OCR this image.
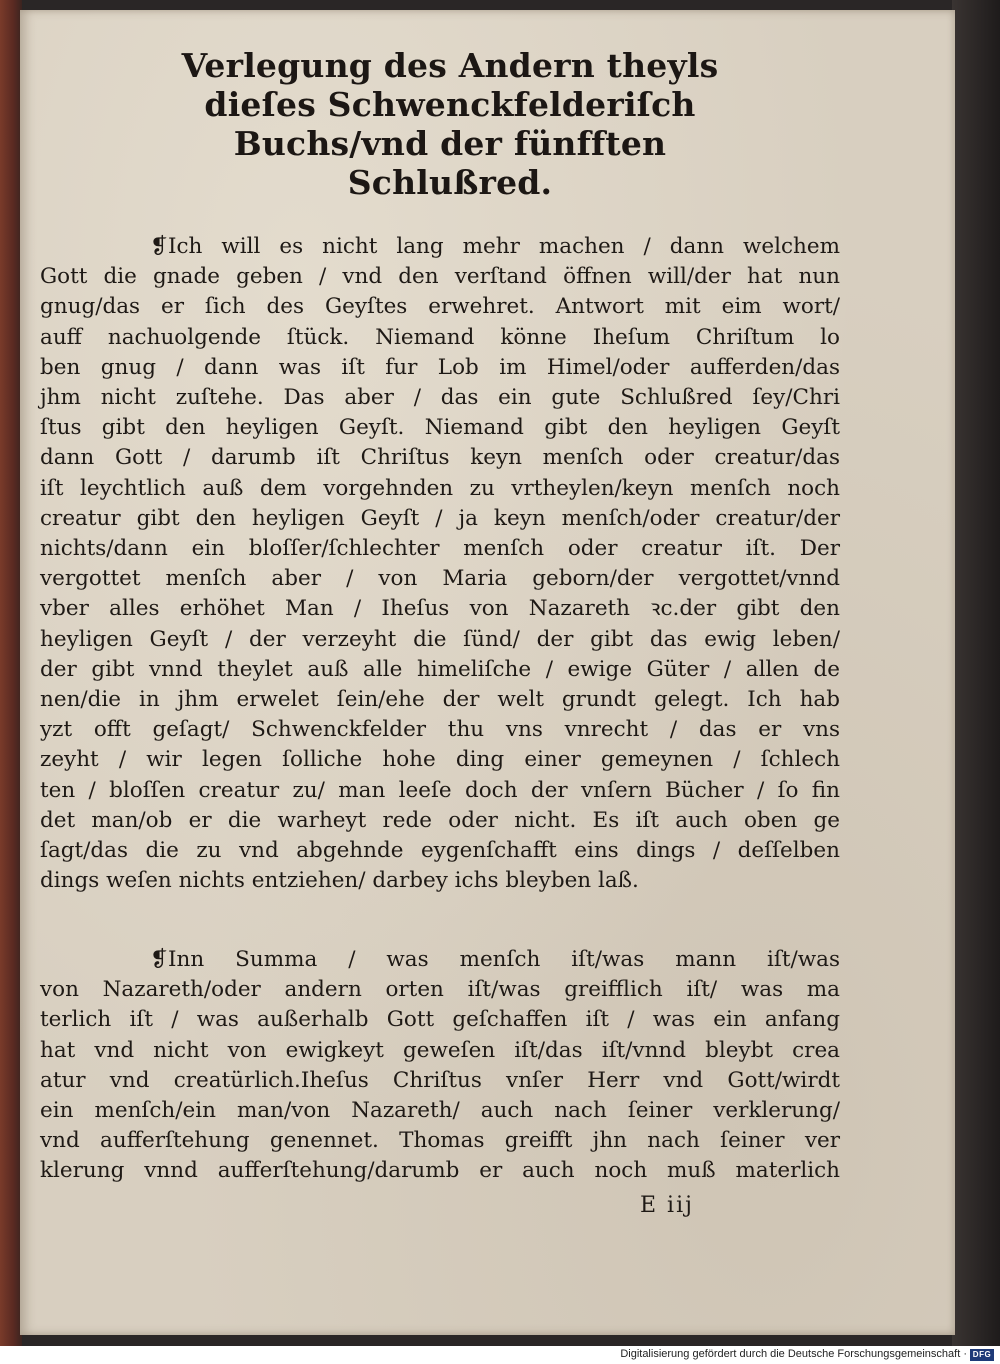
Verlegung des Andern theyls
dieſes Schwenckfelderiſch
Buchs/vnd der fünfften
Schlußred.
❡Ich will es nicht lang mehr machen / dann welchem
Gott die gnade geben / vnd den verſtand öffnen will/der hat nun
gnug/das er ſich des Geyſtes erwehret. Antwort mit eim wort/
auff nachuolgende ſtück. Niemand könne Iheſum Chriſtum lo
ben gnug / dann was iſt fur Lob im Himel/oder aufferden/das
jhm nicht zuſtehe. Das aber / das ein gute Schlußred ſey/Chri
ſtus gibt den heyligen Geyſt. Niemand gibt den heyligen Geyſt
dann Gott / darumb iſt Chriſtus keyn menſch oder creatur/das
iſt leychtlich auß dem vorgehnden zu vrtheylen/keyn menſch noch
creatur gibt den heyligen Geyſt / ja keyn menſch/oder creatur/der
nichts/dann ein bloſſer/ſchlechter menſch oder creatur iſt. Der
vergottet menſch aber / von Maria geborn/der vergottet/vnnd
vber alles erhöhet Man / Iheſus von Nazareth ꝛc.der gibt den
heyligen Geyſt / der verzeyht die ſünd/ der gibt das ewig leben/
der gibt vnnd theylet auß alle himeliſche / ewige Güter / allen de
nen/die in jhm erwelet ſein/ehe der welt grundt gelegt. Ich hab
yzt offt geſagt/ Schwenckfelder thu vns vnrecht / das er vns
zeyht / wir legen ſolliche hohe ding einer gemeynen / ſchlech
ten / bloſſen creatur zu/ man leeſe doch der vnſern Bücher / ſo fin
det man/ob er die warheyt rede oder nicht. Es iſt auch oben ge
ſagt/das die zu vnd abgehnde eygenſchafft eins dings / deſſelben
dings weſen nichts entziehen/ darbey ichs bleyben laß.
❡Inn Summa / was menſch iſt/was mann iſt/was
von Nazareth/oder andern orten iſt/was greifflich iſt/ was ma
terlich iſt / was außerhalb Gott geſchaffen iſt / was ein anfang
hat vnd nicht von ewigkeyt geweſen iſt/das iſt/vnnd bleybt crea
atur vnd creatürlich.Iheſus Chriſtus vnſer Herr vnd Gott/wirdt
ein menſch/ein man/von Nazareth/ auch nach ſeiner verklerung/
vnd aufferſtehung genennet. Thomas greifft jhn nach ſeiner ver
klerung vnnd aufferſtehung/darumb er auch noch muß materlich
E iij
Digitalisierung gefördert durch die Deutsche Forschungsgemeinschaft · DFG
